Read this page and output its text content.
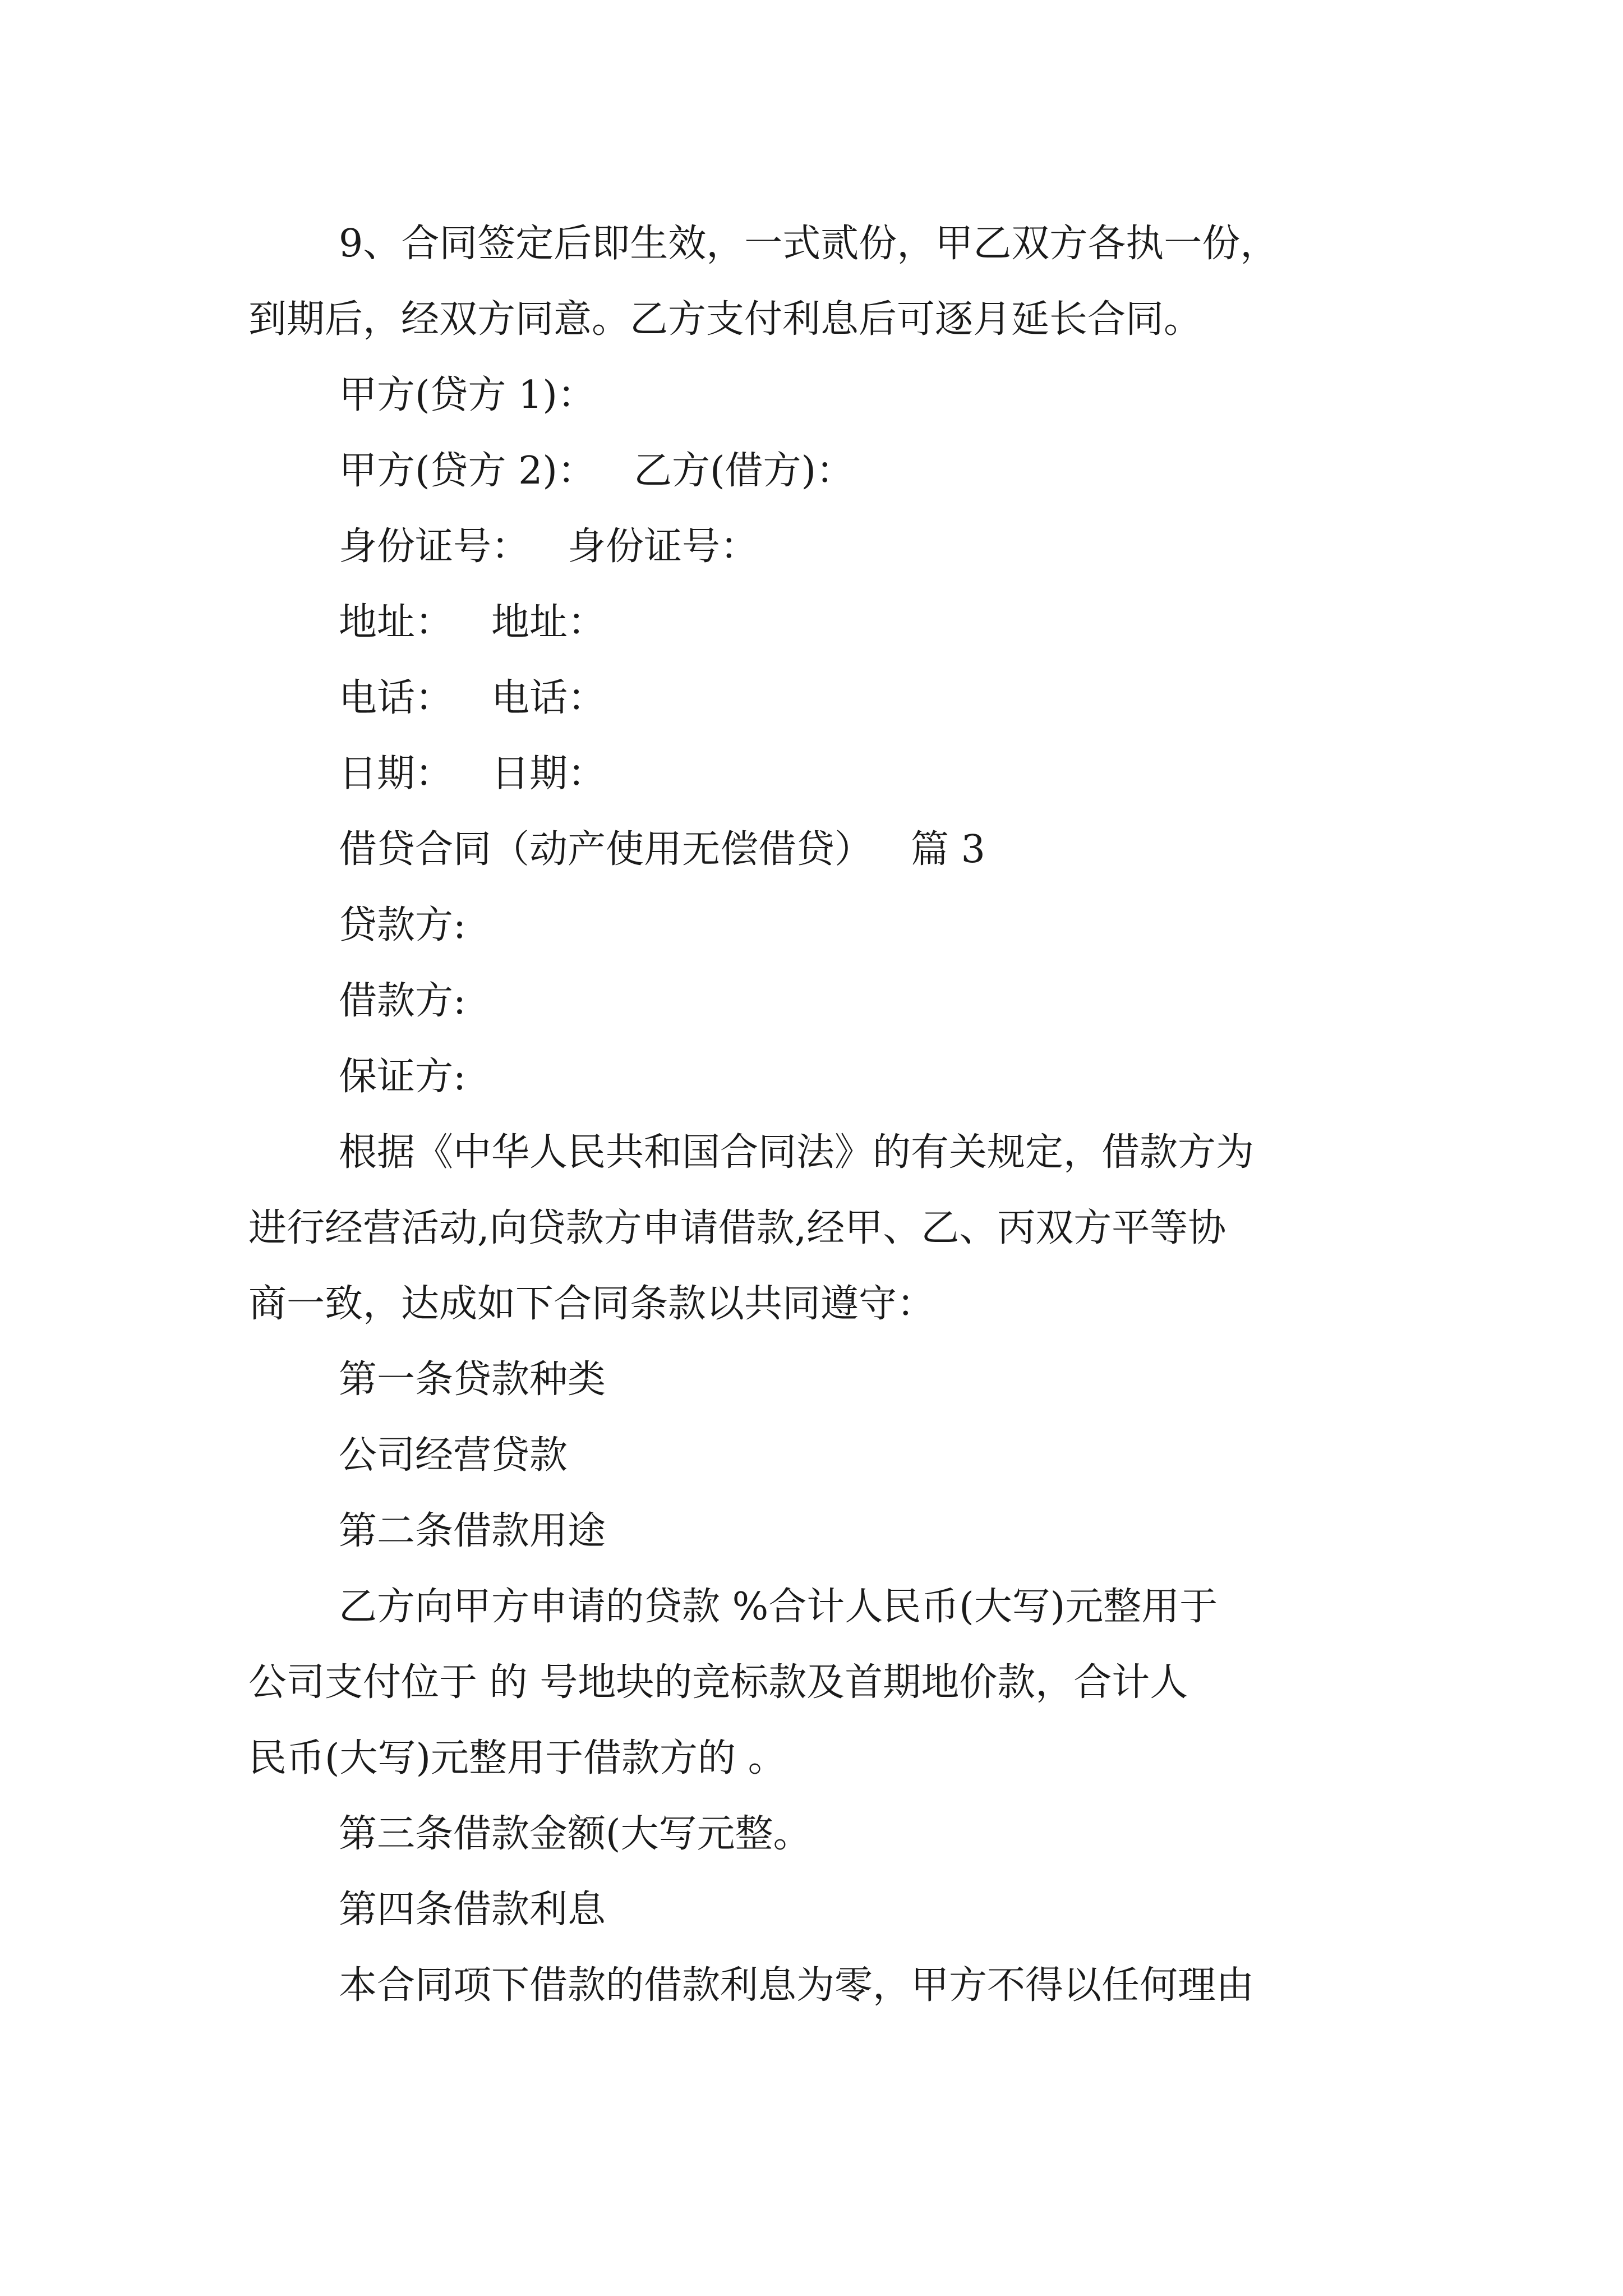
9、合同签定后即生效，一式贰份，甲乙双方各执一份，

到期后，经双方同意。乙方支付利息后可逐月延长合同。

甲方(贷方 1)：

甲方(贷方 2)： 乙方(借方)：

身份证号： 身份证号：

地址： 地址：

电话： 电话：

日期： 日期：

借贷合同（动产使用无偿借贷） 篇 3

贷款方:

借款方:

保证方:

根据《中华人民共和国合同法》的有关规定，借款方为

进行经营活动,向贷款方申请借款,经甲、乙、丙双方平等协

商一致，达成如下合同条款以共同遵守：

第一条贷款种类

公司经营贷款

第二条借款用途

乙方向甲方申请的贷款 %合计人民币(大写)元整用于

公司支付位于 的 号地块的竞标款及首期地价款，合计人

民币(大写)元整用于借款方的 。

第三条借款金额(大写元整。

第四条借款利息

本合同项下借款的借款利息为零，甲方不得以任何理由
